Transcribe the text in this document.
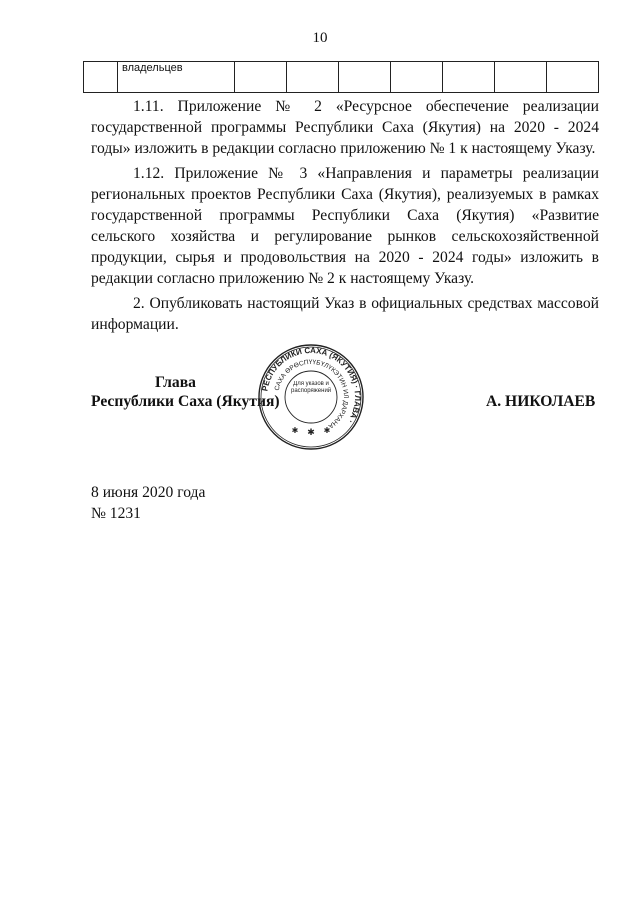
10
	владельцев							

1.11. Приложение № 2 «Ресурсное обеспечение реализации государственной программы Республики Саха (Якутия) на 2020 - 2024 годы» изложить в редакции согласно приложению № 1 к настоящему Указу.

1.12. Приложение № 3 «Направления и параметры реализации региональных проектов Республики Саха (Якутия), реализуемых в рамках государственной программы Республики Саха (Якутия) «Развитие сельского хозяйства и регулирование рынков сельскохозяйственной продукции, сырья и продовольствия на 2020 - 2024 годы» изложить в редакции согласно приложению № 2 к настоящему Указу.

2. Опубликовать настоящий Указ в официальных средствах массовой информации.

Глава
Республики Саха (Якутия)	А. НИКОЛАЕВ
РЕСПУБЛИКИ САХА (ЯКУТИЯ) · ГЛАВА ·
САХА ӨРӨСПҮҮБҮЛҮКЭТИН ИЛ ДАРХАНА
Для указов и распоряжений
✱
✱	✱
8 июня 2020 года
№ 1231
